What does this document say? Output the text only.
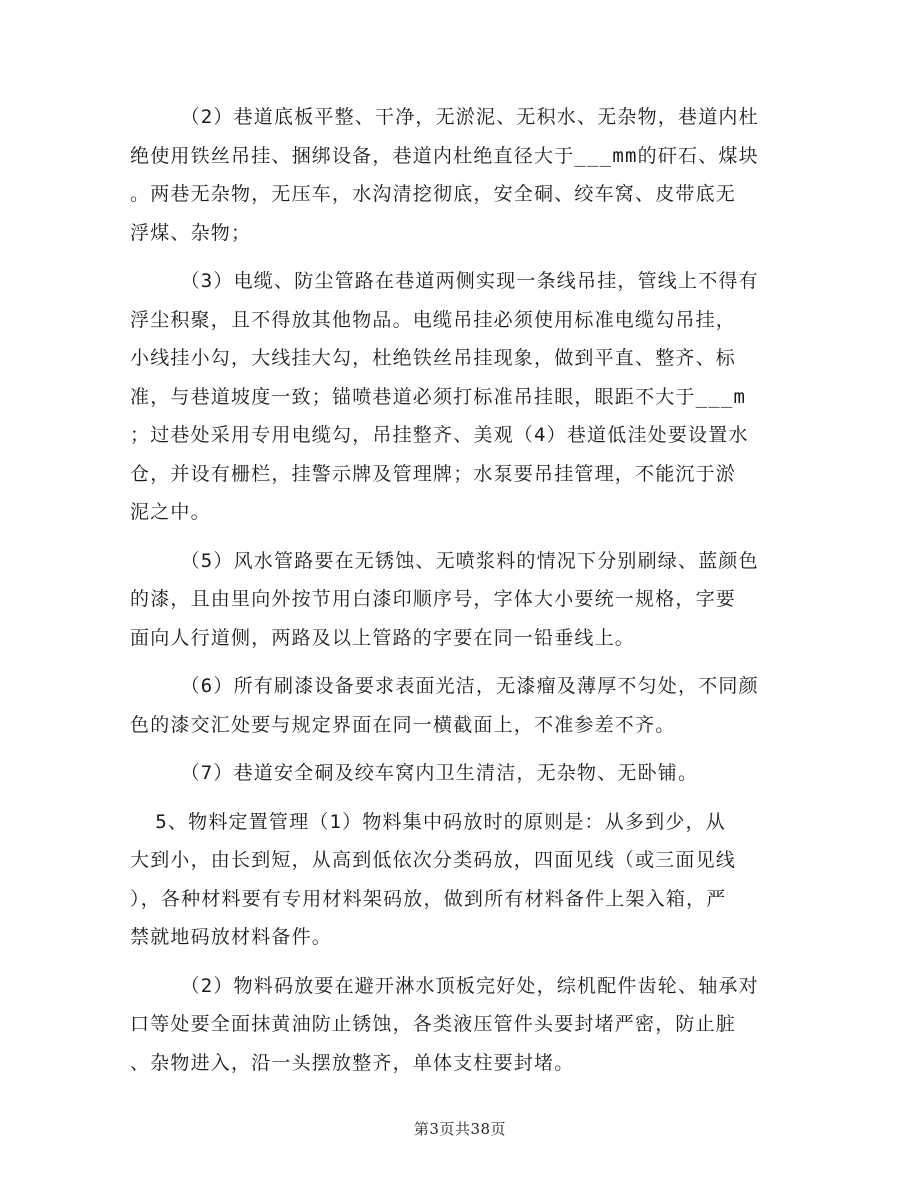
（2）巷道底板平整、干净，无淤泥、无积水、无杂物，巷道内杜
绝使用铁丝吊挂、捆绑设备，巷道内杜绝直径大于___mm的矸石、煤块
。两巷无杂物，无压车，水沟清挖彻底，安全硐、绞车窝、皮带底无
浮煤、杂物；
（3）电缆、防尘管路在巷道两侧实现一条线吊挂，管线上不得有
浮尘积聚，且不得放其他物品。电缆吊挂必须使用标准电缆勾吊挂，
小线挂小勾，大线挂大勾，杜绝铁丝吊挂现象，做到平直、整齐、标
准，与巷道坡度一致；锚喷巷道必须打标准吊挂眼，眼距不大于___m
；过巷处采用专用电缆勾，吊挂整齐、美观（4）巷道低洼处要设置水
仓，并设有栅栏，挂警示牌及管理牌；水泵要吊挂管理，不能沉于淤
泥之中。
（5）风水管路要在无锈蚀、无喷浆料的情况下分别刷绿、蓝颜色
的漆，且由里向外按节用白漆印顺序号，字体大小要统一规格，字要
面向人行道侧，两路及以上管路的字要在同一铅垂线上。
（6）所有刷漆设备要求表面光洁，无漆瘤及薄厚不匀处，不同颜
色的漆交汇处要与规定界面在同一横截面上，不准参差不齐。
（7）巷道安全硐及绞车窝内卫生清洁，无杂物、无卧铺。
5、物料定置管理（1）物料集中码放时的原则是：从多到少，从
大到小，由长到短，从高到低依次分类码放，四面见线（或三面见线
），各种材料要有专用材料架码放，做到所有材料备件上架入箱，严
禁就地码放材料备件。
（2）物料码放要在避开淋水顶板完好处，综机配件齿轮、轴承对
口等处要全面抹黄油防止锈蚀，各类液压管件头要封堵严密，防止脏
、杂物进入，沿一头摆放整齐，单体支柱要封堵。
第3页共38页
